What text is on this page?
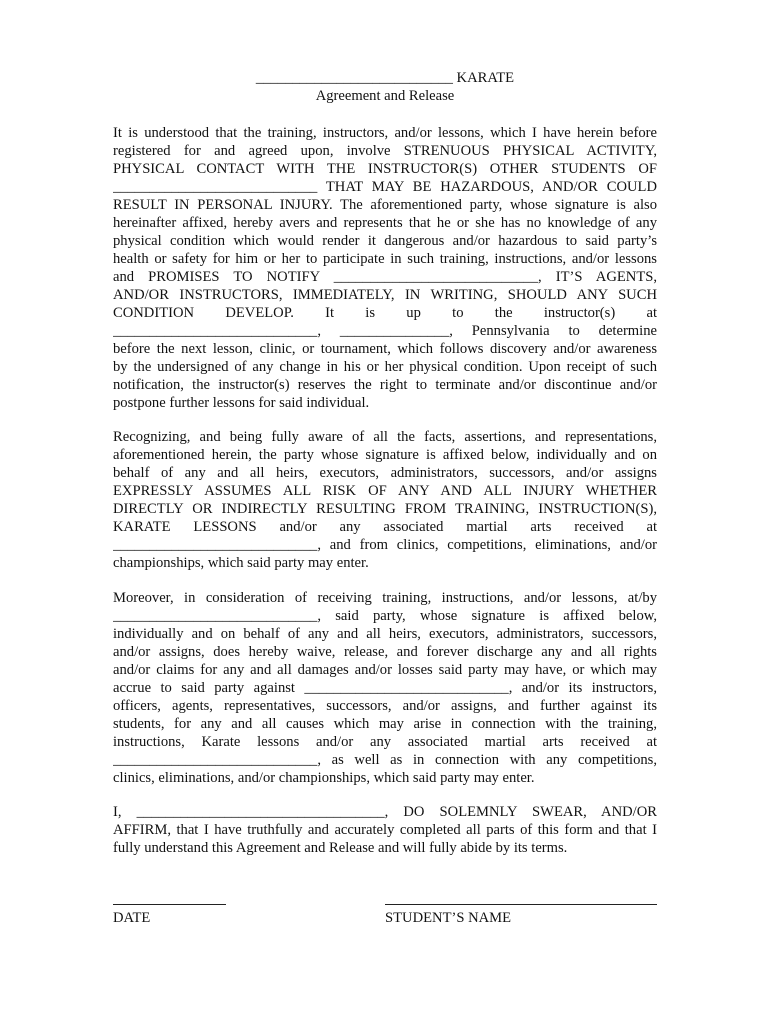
___________________________ KARATE
Agreement and Release
It is understood that the training, instructors, and/or lessons, which I have herein before
registered for and agreed upon, involve STRENUOUS PHYSICAL ACTIVITY,
PHYSICAL CONTACT WITH THE INSTRUCTOR(S) OTHER STUDENTS OF
____________________________ THAT MAY BE HAZARDOUS, AND/OR COULD
RESULT IN PERSONAL INJURY. The aforementioned party, whose signature is also
hereinafter affixed, hereby avers and represents that he or she has no knowledge of any
physical condition which would render it dangerous and/or hazardous to said party’s
health or safety for him or her to participate in such training, instructions, and/or lessons
and PROMISES TO NOTIFY ____________________________, IT’S AGENTS,
AND/OR INSTRUCTORS, IMMEDIATELY, IN WRITING, SHOULD ANY SUCH
CONDITION DEVELOP. It is up to the instructor(s) at
____________________________, _______________, Pennsylvania to determine
before the next lesson, clinic, or tournament, which follows discovery and/or awareness
by the undersigned of any change in his or her physical condition. Upon receipt of such
notification, the instructor(s) reserves the right to terminate and/or discontinue and/or
postpone further lessons for said individual.
Recognizing, and being fully aware of all the facts, assertions, and representations,
aforementioned herein, the party whose signature is affixed below, individually and on
behalf of any and all heirs, executors, administrators, successors, and/or assigns
EXPRESSLY ASSUMES ALL RISK OF ANY AND ALL INJURY WHETHER
DIRECTLY OR INDIRECTLY RESULTING FROM TRAINING, INSTRUCTION(S),
KARATE LESSONS and/or any associated martial arts received at
____________________________, and from clinics, competitions, eliminations, and/or
championships, which said party may enter.
Moreover, in consideration of receiving training, instructions, and/or lessons, at/by
____________________________, said party, whose signature is affixed below,
individually and on behalf of any and all heirs, executors, administrators, successors,
and/or assigns, does hereby waive, release, and forever discharge any and all rights
and/or claims for any and all damages and/or losses said party may have, or which may
accrue to said party against ____________________________, and/or its instructors,
officers, agents, representatives, successors, and/or assigns, and further against its
students, for any and all causes which may arise in connection with the training,
instructions, Karate lessons and/or any associated martial arts received at
____________________________, as well as in connection with any competitions,
clinics, eliminations, and/or championships, which said party may enter.
I, __________________________________, DO SOLEMNLY SWEAR, AND/OR
AFFIRM, that I have truthfully and accurately completed all parts of this form and that I
fully understand this Agreement and Release and will fully abide by its terms.
DATE	STUDENT’S NAME
